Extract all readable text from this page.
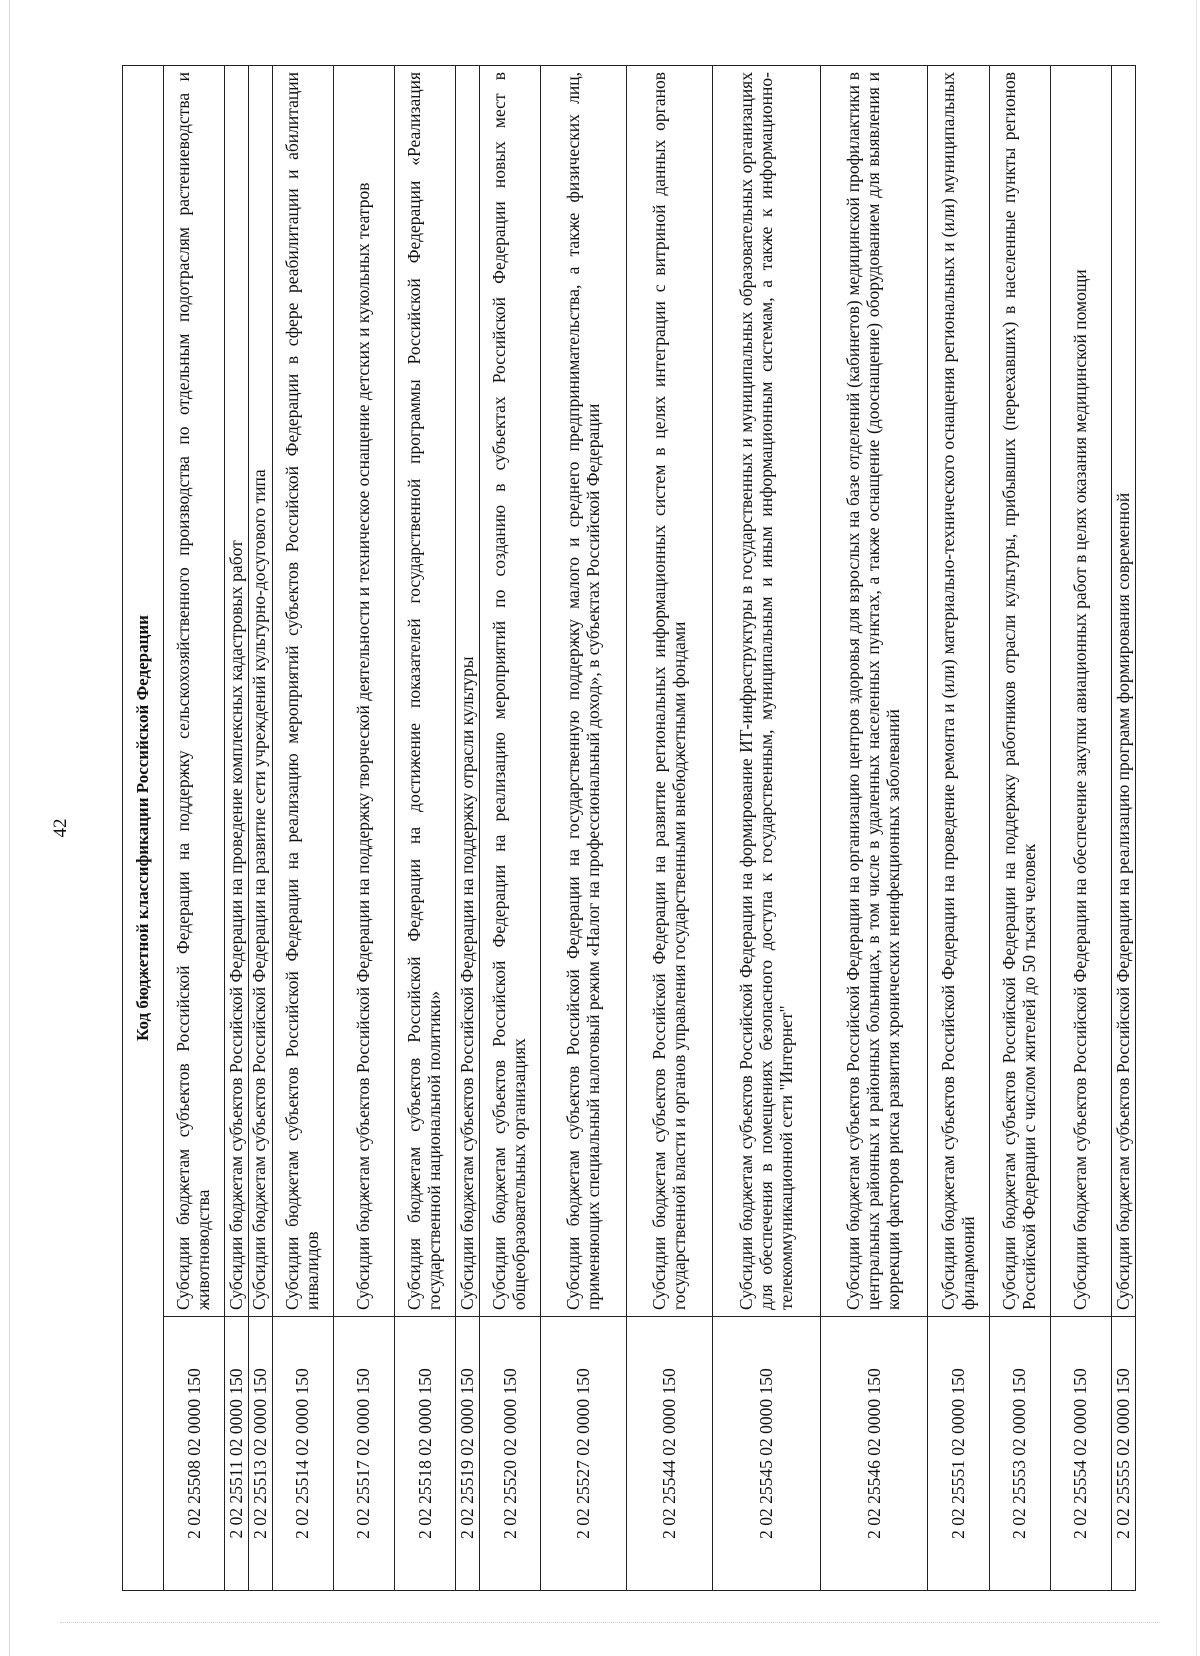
42	Код бюджетной классификации Российской Федерации	
2 02 25508 02 0000 150	Субсидии бюджетам субъектов Российской Федерации на поддержку сельскохозяйственного производства по отдельным подотраслям растениеводства и животноводства
2 02 25511 02 0000 150	Субсидии бюджетам субъектов Российской Федерации на проведение комплексных кадастровых работ
2 02 25513 02 0000 150	Субсидии бюджетам субъектов Российской Федерации на развитие сети учреждений культурно-досугового типа
2 02 25514 02 0000 150	Субсидии бюджетам субъектов Российской Федерации на реализацию мероприятий субъектов Российской Федерации в сфере реабилитации и абилитации инвалидов
2 02 25517 02 0000 150	Субсидии бюджетам субъектов Российской Федерации на поддержку творческой деятельности и техническое оснащение детских и кукольных театров
2 02 25518 02 0000 150	Субсидия бюджетам субъектов Российской Федерации на достижение показателей государственной программы Российской Федерации «Реализация государственной национальной политики»
2 02 25519 02 0000 150	Субсидии бюджетам субъектов Российской Федерации на поддержку отрасли культуры
2 02 25520 02 0000 150	Субсидии бюджетам субъектов Российской Федерации на реализацию мероприятий по созданию в субъектах Российской Федерации новых мест в общеобразовательных организациях
2 02 25527 02 0000 150	Субсидии бюджетам субъектов Российской Федерации на государственную поддержку малого и среднего предпринимательства, а также физических лиц, применяющих специальный налоговый режим «Налог на профессиональный доход», в субъектах Российской Федерации
2 02 25544 02 0000 150	Субсидии бюджетам субъектов Российской Федерации на развитие региональных информационных систем в целях интеграции с витриной данных органов государственной власти и органов управления государственными внебюджетными фондами
2 02 25545 02 0000 150	Субсидии бюджетам субъектов Российской Федерации на формирование ИТ-инфраструктуры в государственных и муниципальных образовательных организациях для обеспечения в помещениях безопасного доступа к государственным, муниципальным и иным информационным системам, а также к информационно-телекоммуникационной сети "Интернет"
2 02 25546 02 0000 150	Субсидии бюджетам субъектов Российской Федерации на организацию центров здоровья для взрослых на базе отделений (кабинетов) медицинской профилактики в центральных районных и районных больницах, в том числе в удаленных населенных пунктах, а также оснащение (дооснащение) оборудованием для выявления и коррекции факторов риска развития хронических неинфекционных заболеваний
2 02 25551 02 0000 150	Субсидии бюджетам субъектов Российской Федерации на проведение ремонта и (или) материально-технического оснащения региональных и (или) муниципальных филармоний
2 02 25553 02 0000 150	Субсидии бюджетам субъектов Российской Федерации на поддержку работников отрасли культуры, прибывших (переехавших) в населенные пункты регионов Российской Федерации с числом жителей до 50 тысяч человек
2 02 25554 02 0000 150	Субсидии бюджетам субъектов Российской Федерации на обеспечение закупки авиационных работ в целях оказания медицинской помощи
2 02 25555 02 0000 150	Субсидии бюджетам субъектов Российской Федерации на реализацию программ формирования современной
